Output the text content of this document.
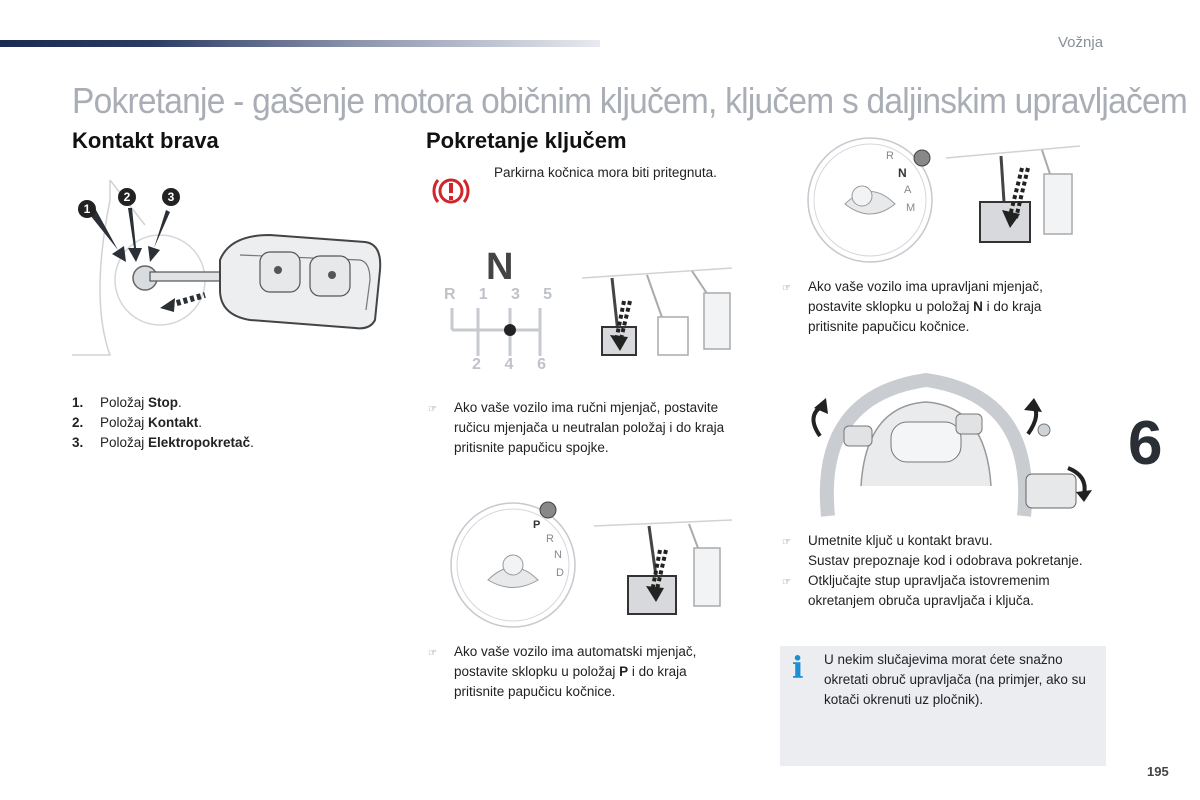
Vožnja
Pokretanje - gašenje motora običnim ključem, ključem s daljinskim upravljačem
Kontakt brava
1
2	3
1. Položaj Stop.
2. Položaj Kontakt.
3. Položaj Elektropokretač.
Pokretanje ključem
Parkirna kočnica mora biti pritegnuta.
N
R 1 3 5
2 4 6
☞	Ako vaše vozilo ima ručni mjenjač, postavite ručicu mjenjača u neutralan položaj i do kraja pritisnite papučicu spojke.
P
R
N
D
☞	Ako vaše vozilo ima automatski mjenjač, postavite sklopku u položaj P i do kraja pritisnite papučicu kočnice.
R
N
A
M
☞	Ako vaše vozilo ima upravljani mjenjač, postavite sklopku u položaj N i do kraja pritisnite papučicu kočnice.
☞	Umetnite ključ u kontakt bravu.
Sustav prepoznaje kod i odobrava pokretanje.
☞	Otključajte stup upravljača istovremenim okretanjem obruča upravljača i ključa.
i U nekim slučajevima morat ćete snažno okretati obruč upravljača (na primjer, ako su kotači okrenuti uz pločnik).
6
195
